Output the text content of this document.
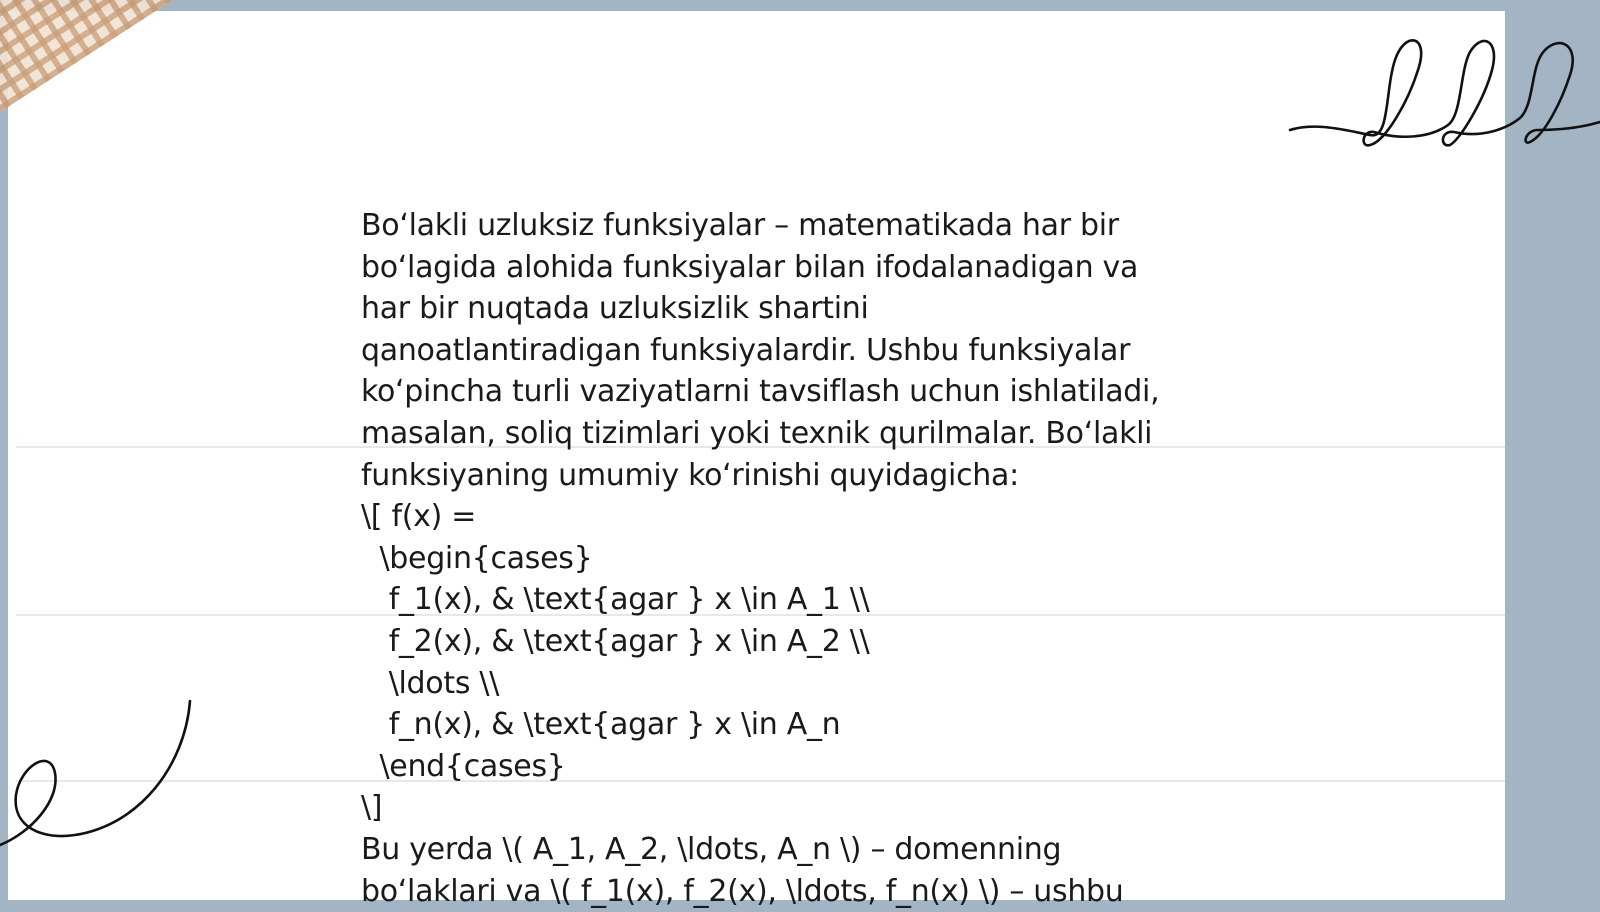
Bo‘lakli uzluksiz funksiyalar – matematikada har bir
bo‘lagida alohida funksiyalar bilan ifodalanadigan va
har bir nuqtada uzluksizlik shartini
qanoatlantiradigan funksiyalardir. Ushbu funksiyalar
ko‘pincha turli vaziyatlarni tavsiflash uchun ishlatiladi,
masalan, soliq tizimlari yoki texnik qurilmalar. Bo‘lakli
funksiyaning umumiy ko‘rinishi quyidagicha:
\[ f(x) =
\begin{cases}
f_1(x), & \text{agar } x \in A_1 \\
f_2(x), & \text{agar } x \in A_2 \\
\ldots \\
f_n(x), & \text{agar } x \in A_n
\end{cases}
\]
Bu yerda \( A_1, A_2, \ldots, A_n \) – domenning
bo‘laklari va \( f_1(x), f_2(x), \ldots, f_n(x) \) – ushbu
